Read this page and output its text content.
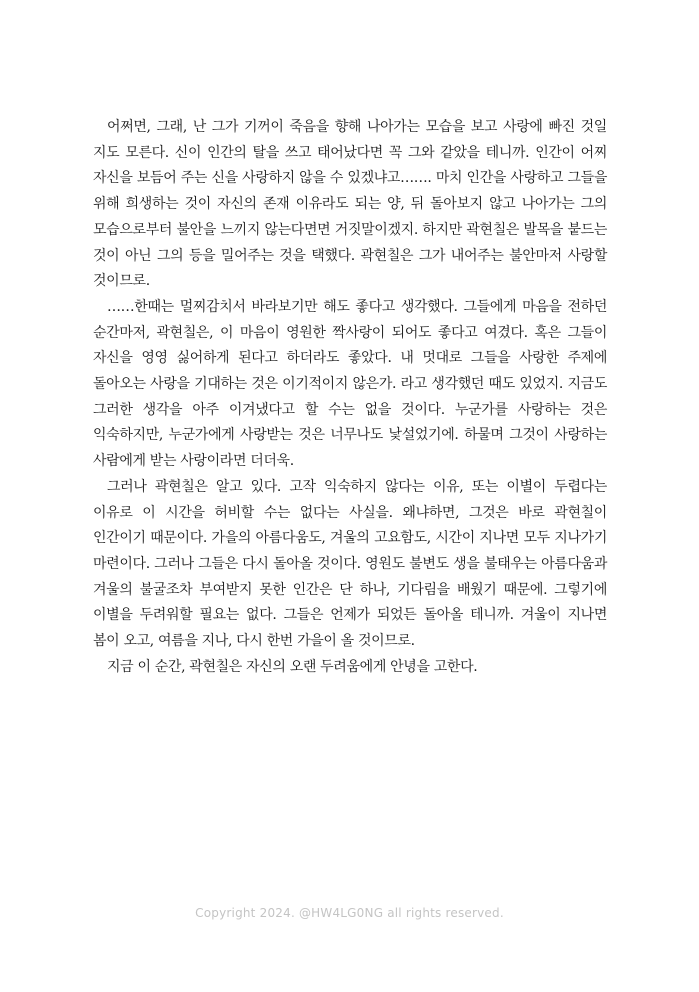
어쩌면, 그래, 난 그가 기꺼이 죽음을 향해 나아가는 모습을 보고 사랑에 빠진 것일 지도 모른다. 신이 인간의 탈을 쓰고 태어났다면 꼭 그와 같았을 테니까. 인간이 어찌 자신을 보듬어 주는 신을 사랑하지 않을 수 있겠냐고……. 마치 인간을 사랑하고 그들을 위해 희생하는 것이 자신의 존재 이유라도 되는 양, 뒤 돌아보지 않고 나아가는 그의 모습으로부터 불안을 느끼지 않는다면면 거짓말이겠지. 하지만 곽현칠은 발목을 붙드는 것이 아닌 그의 등을 밀어주는 것을 택했다. 곽현칠은 그가 내어주는 불안마저 사랑할 것이므로.

……한때는 멀찌감치서 바라보기만 해도 좋다고 생각했다. 그들에게 마음을 전하던 순간마저, 곽현칠은, 이 마음이 영원한 짝사랑이 되어도 좋다고 여겼다. 혹은 그들이 자신을 영영 싫어하게 된다고 하더라도 좋았다. 내 멋대로 그들을 사랑한 주제에 돌아오는 사랑을 기대하는 것은 이기적이지 않은가. 라고 생각했던 때도 있었지. 지금도 그러한 생각을 아주 이겨냈다고 할 수는 없을 것이다. 누군가를 사랑하는 것은 익숙하지만, 누군가에게 사랑받는 것은 너무나도 낯설었기에. 하물며 그것이 사랑하는 사람에게 받는 사랑이라면 더더욱.

그러나 곽현칠은 알고 있다. 고작 익숙하지 않다는 이유, 또는 이별이 두렵다는 이유로 이 시간을 허비할 수는 없다는 사실을. 왜냐하면, 그것은 바로 곽현칠이 인간이기 때문이다. 가을의 아름다움도, 겨울의 고요함도, 시간이 지나면 모두 지나가기 마련이다. 그러나 그들은 다시 돌아올 것이다. 영원도 불변도 생을 불태우는 아름다움과 겨울의 불굴조차 부여받지 못한 인간은 단 하나, 기다림을 배웠기 때문에. 그렇기에 이별을 두려워할 필요는 없다. 그들은 언제가 되었든 돌아올 테니까. 겨울이 지나면 봄이 오고, 여름을 지나, 다시 한번 가을이 올 것이므로.

지금 이 순간, 곽현칠은 자신의 오랜 두려움에게 안녕을 고한다.

Copyright 2024. @HW4LG0NG all rights reserved.
